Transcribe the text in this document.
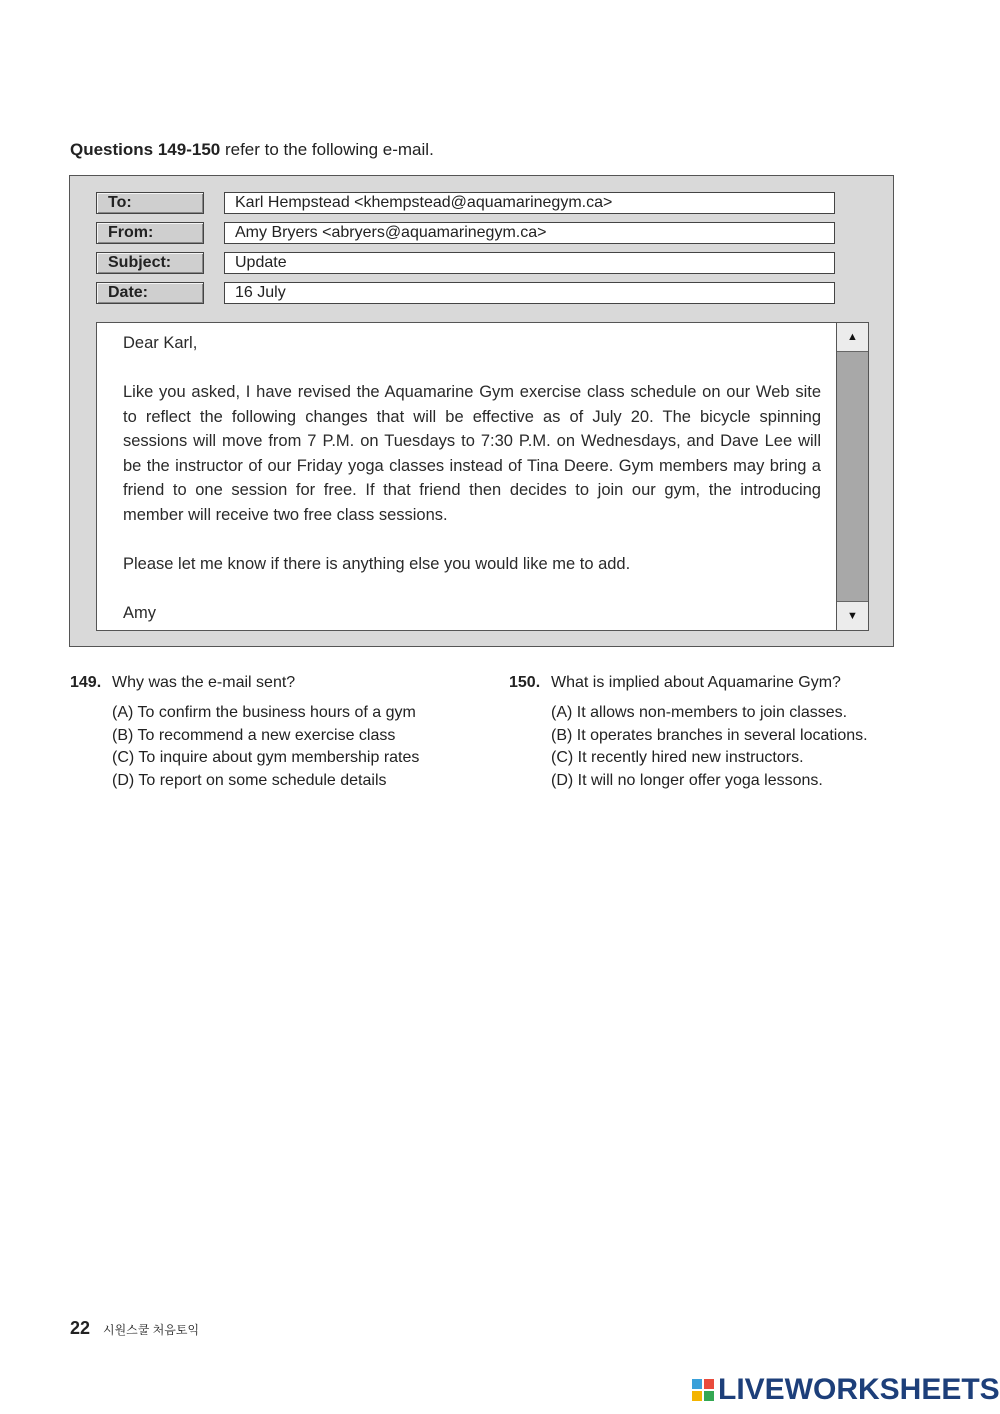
Questions 149-150 refer to the following e-mail.
To:	Karl Hempstead <khempstead@aquamarinegym.ca>
From:	Amy Bryers <abryers@aquamarinegym.ca>
Subject:	Update
Date:	16 July

Dear Karl,

Like you asked, I have revised the Aquamarine Gym exercise class schedule on our Web site to reflect the following changes that will be effective as of July 20. The bicycle spinning sessions will move from 7 P.M. on Tuesdays to 7:30 P.M. on Wednesdays, and Dave Lee will be the instructor of our Friday yoga classes instead of Tina Deere. Gym members may bring a friend to one session for free. If that friend then decides to join our gym, the introducing member will receive two free class sessions.

Please let me know if there is anything else you would like me to add.

Amy

▲
▼
149. Why was the e-mail sent?
(A) To confirm the business hours of a gym
(B) To recommend a new exercise class
(C) To inquire about gym membership rates
(D) To report on some schedule details
150. What is implied about Aquamarine Gym?
(A) It allows non-members to join classes.
(B) It operates branches in several locations.
(C) It recently hired new instructors.
(D) It will no longer offer yoga lessons.
22 시원스쿨 처음토익
LIVEWORKSHEETS
